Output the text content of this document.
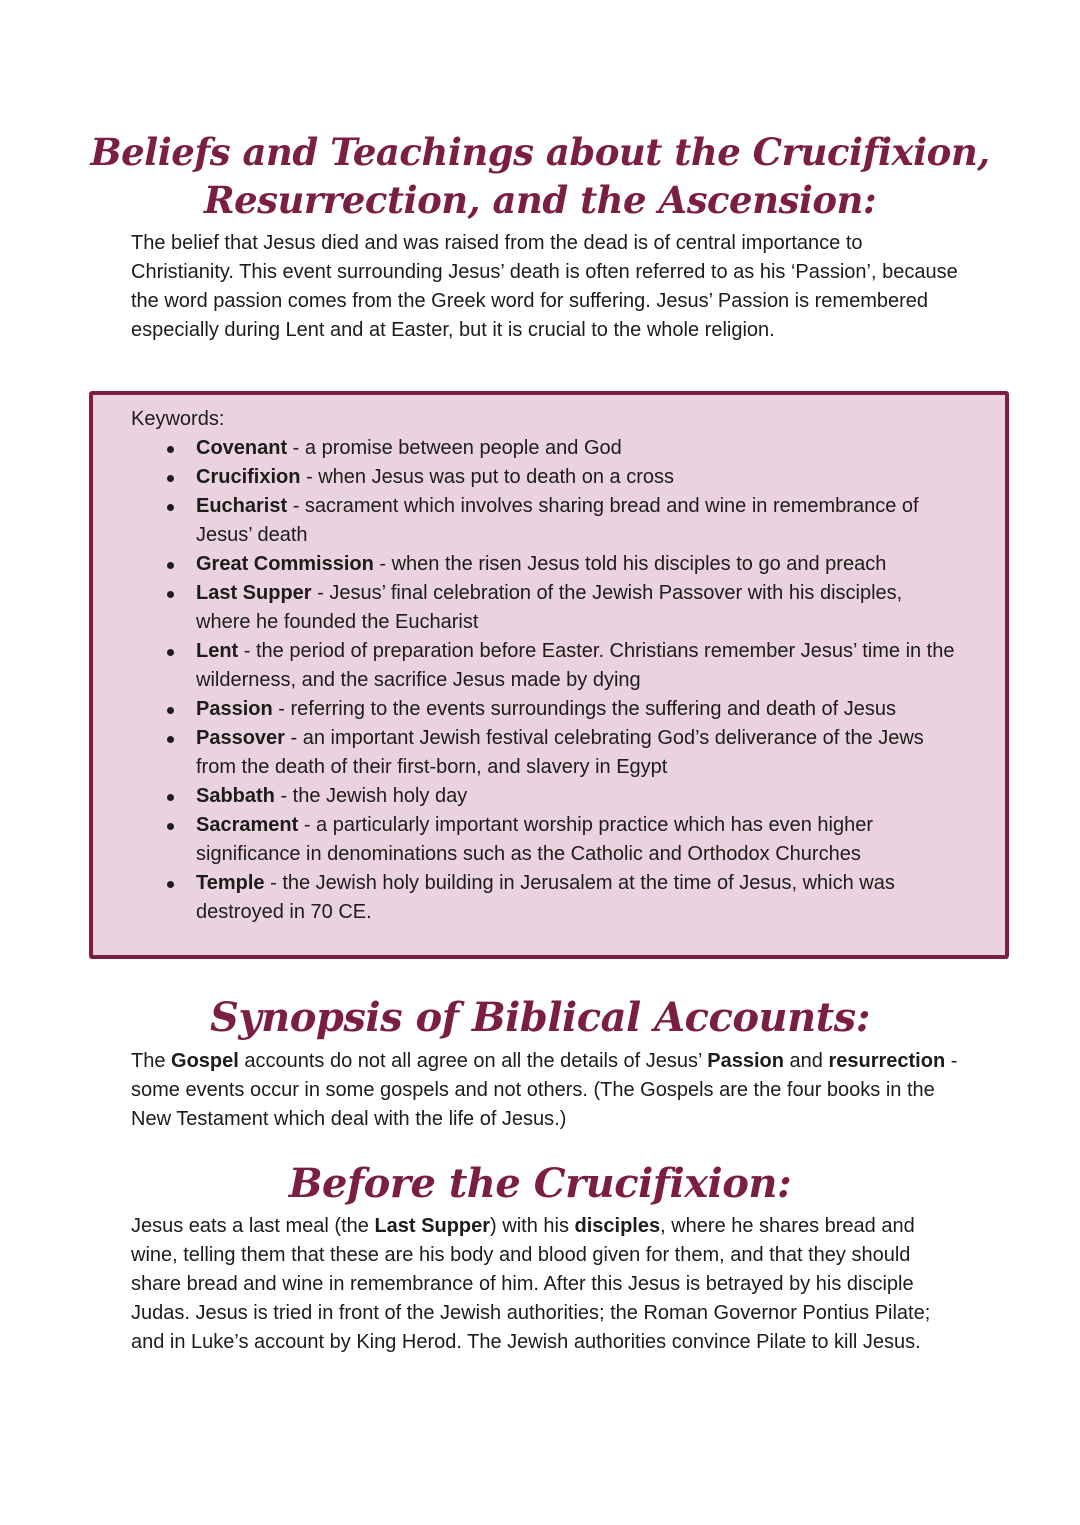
Beliefs and Teachings about the Crucifixion,
Resurrection, and the Ascension:

The belief that Jesus died and was raised from the dead is of central importance to Christianity. This event surrounding Jesus’ death is often referred to as his ‘Passion’, because the word passion comes from the Greek word for suffering. Jesus’ Passion is remembered especially during Lent and at Easter, but it is crucial to the whole religion.

Keywords:

Covenant - a promise between people and God
Crucifixion - when Jesus was put to death on a cross
Eucharist - sacrament which involves sharing bread and wine in remembrance of Jesus’ death
Great Commission - when the risen Jesus told his disciples to go and preach
Last Supper - Jesus’ final celebration of the Jewish Passover with his disciples, where he founded the Eucharist
Lent - the period of preparation before Easter. Christians remember Jesus’ time in the wilderness, and the sacrifice Jesus made by dying
Passion - referring to the events surroundings the suffering and death of Jesus
Passover - an important Jewish festival celebrating God’s deliverance of the Jews from the death of their first-born, and slavery in Egypt
Sabbath - the Jewish holy day
Sacrament - a particularly important worship practice which has even higher significance in denominations such as the Catholic and Orthodox Churches
Temple - the Jewish holy building in Jerusalem at the time of Jesus, which was destroyed in 70 CE.
Synopsis of Biblical Accounts:

The Gospel accounts do not all agree on all the details of Jesus’ Passion and resurrection - some events occur in some gospels and not others. (The Gospels are the four books in the New Testament which deal with the life of Jesus.)

Before the Crucifixion:

Jesus eats a last meal (the Last Supper) with his disciples, where he shares bread and wine, telling them that these are his body and blood given for them, and that they should share bread and wine in remembrance of him. After this Jesus is betrayed by his disciple Judas. Jesus is tried in front of the Jewish authorities; the Roman Governor Pontius Pilate; and in Luke’s account by King Herod. The Jewish authorities convince Pilate to kill Jesus.
